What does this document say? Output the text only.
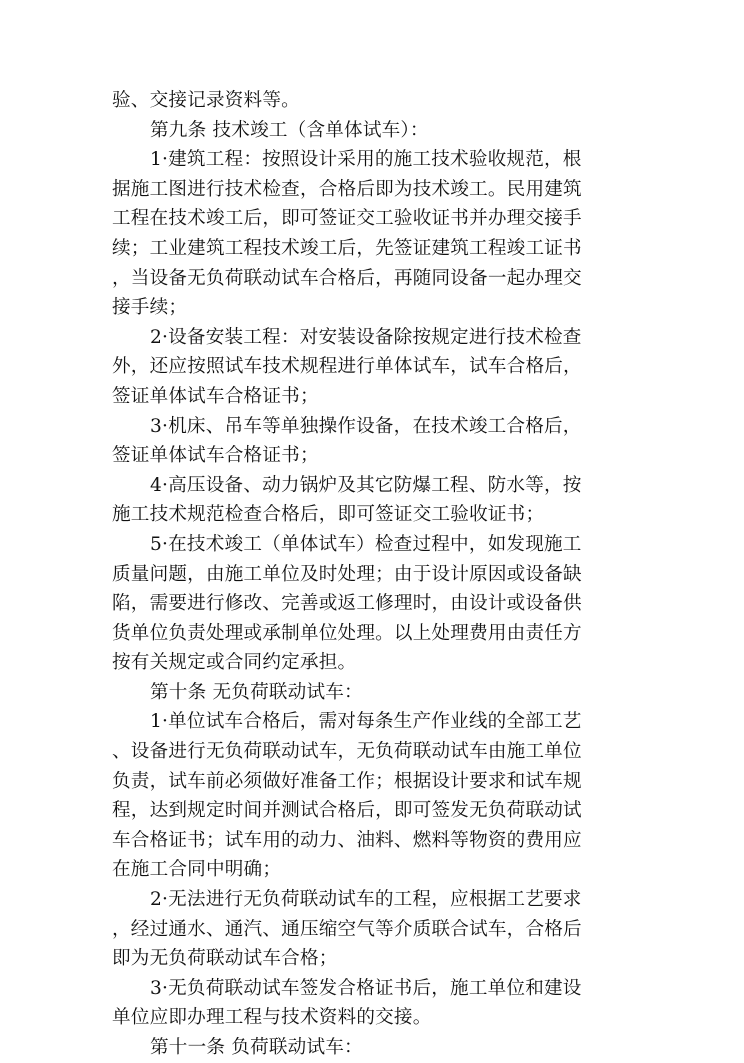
验、交接记录资料等。
第九条 技术竣工（含单体试车）：
1·建筑工程：按照设计采用的施工技术验收规范，根
据施工图进行技术检查，合格后即为技术竣工。民用建筑
工程在技术竣工后，即可签证交工验收证书并办理交接手
续；工业建筑工程技术竣工后，先签证建筑工程竣工证书
，当设备无负荷联动试车合格后，再随同设备一起办理交
接手续；
2·设备安装工程：对安装设备除按规定进行技术检查
外，还应按照试车技术规程进行单体试车，试车合格后，
签证单体试车合格证书；
3·机床、吊车等单独操作设备，在技术竣工合格后，
签证单体试车合格证书；
4·高压设备、动力锅炉及其它防爆工程、防水等，按
施工技术规范检查合格后，即可签证交工验收证书；
5·在技术竣工（单体试车）检查过程中，如发现施工
质量问题，由施工单位及时处理；由于设计原因或设备缺
陷，需要进行修改、完善或返工修理时，由设计或设备供
货单位负责处理或承制单位处理。以上处理费用由责任方
按有关规定或合同约定承担。
第十条 无负荷联动试车：
1·单位试车合格后，需对每条生产作业线的全部工艺
、设备进行无负荷联动试车，无负荷联动试车由施工单位
负责，试车前必须做好准备工作；根据设计要求和试车规
程，达到规定时间并测试合格后，即可签发无负荷联动试
车合格证书；试车用的动力、油料、燃料等物资的费用应
在施工合同中明确；
2·无法进行无负荷联动试车的工程，应根据工艺要求
，经过通水、通汽、通压缩空气等介质联合试车，合格后
即为无负荷联动试车合格；
3·无负荷联动试车签发合格证书后，施工单位和建设
单位应即办理工程与技术资料的交接。
第十一条 负荷联动试车：
